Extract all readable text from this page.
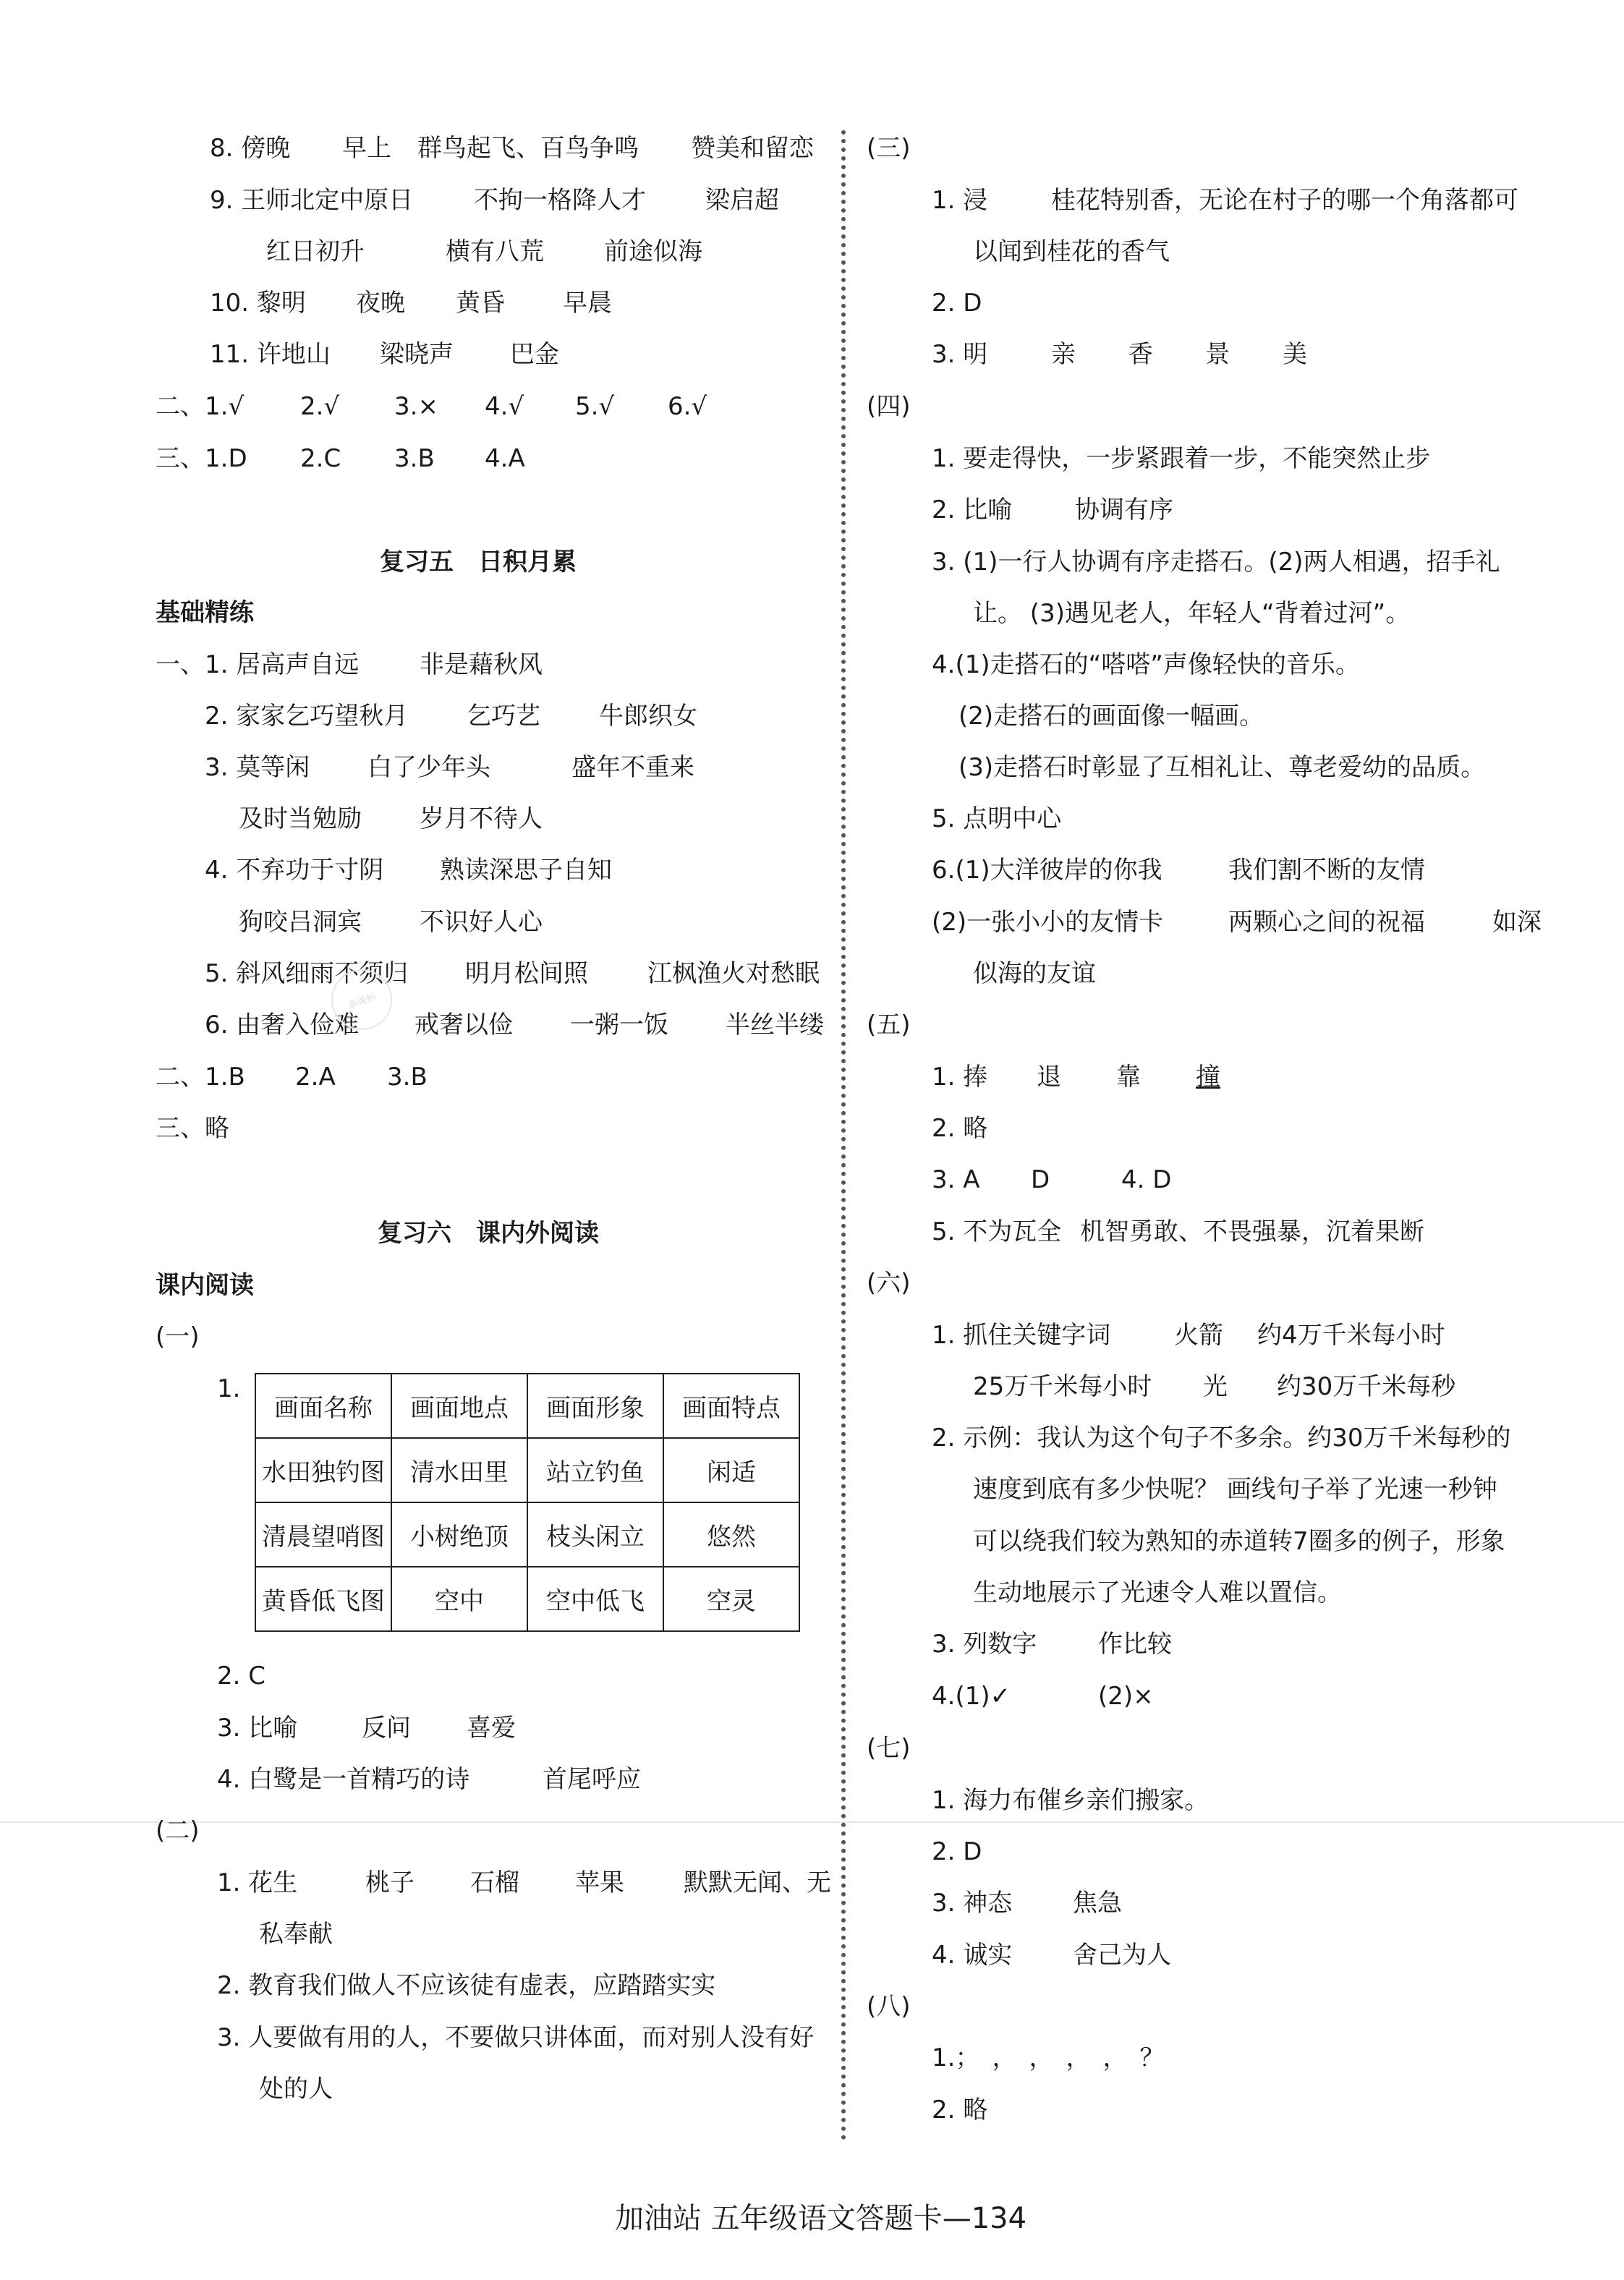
8. 傍晚 早上 群鸟起飞、百鸟争鸣 赞美和留恋
9. 王师北定中原日 不拘一格降人才 梁启超
红日初升	横有八荒 前途似海
10. 黎明 夜晚 黄昏 早晨
11. 许地山 梁晓声 巴金
二、1.√ 2.√ 3.× 4.√ 5.√ 6.√
三、1.D 2.C 3.B 4.A
复习五　日积月累
基础精练
一、1. 居高声自远 非是藉秋风
2. 家家乞巧望秋月 乞巧艺 牛郎织女
3. 莫等闲 白了少年头	盛年不重来
及时当勉励 岁月不待人
4. 不弃功于寸阴 熟读深思子自知
狗咬吕洞宾 不识好人心
5. 斜风细雨不须归 明月松间照 江枫渔火对愁眠
6. 由奢入俭难 戒奢以俭 一粥一饭 半丝半缕
新课标
二、1.B 2.A 3.B
三、略
复习六　课内外阅读
课内阅读
(一)
1.
画面名称	画面地点	画面形象	画面特点
水田独钓图	清水田里	站立钓鱼	闲适
清晨望哨图	小树绝顶	枝头闲立	悠然
黄昏低飞图	空中	空中低飞	空灵
2. C
3. 比喻	反问 喜爱
4. 白鹭是一首精巧的诗	首尾呼应
(二)
1. 花生	桃子 石榴 苹果 默默无闻、无
私奉献
2. 教育我们做人不应该徒有虚表，应踏踏实实
3. 人要做有用的人，不要做只讲体面，而对别人没有好
处的人
(三)
1. 浸	桂花特别香，无论在村子的哪一个角落都可
以闻到桂花的香气
2. D
3. 明	亲 香 景 美
(四)
1. 要走得快，一步紧跟着一步，不能突然止步
2. 比喻	协调有序
3. (1)一行人协调有序走搭石。(2)两人相遇，招手礼
让。 (3)遇见老人，年轻人“背着过河”。
4.(1)走搭石的“嗒嗒”声像轻快的音乐。
(2)走搭石的画面像一幅画。
(3)走搭石时彰显了互相礼让、尊老爱幼的品质。
5. 点明中心
6.(1)大洋彼岸的你我	我们割不断的友情
(2)一张小小的友情卡	两颗心之间的祝福	如深
似海的友谊
(五)
1. 捧 退 靠 撞
2. 略
3. A D	4. D
5. 不为瓦全 机智勇敢、不畏强暴，沉着果断
(六)
1. 抓住关键字词	火箭 约4万千米每小时
25万千米每小时 光 约30万千米每秒
2. 示例：我认为这个句子不多余。约30万千米每秒的
速度到底有多少快呢？ 画线句子举了光速一秒钟
可以绕我们较为熟知的赤道转7圈多的例子，形象
生动地展示了光速令人难以置信。
3. 列数字 作比较
4.(1)✓	(2)×
(七)
1. 海力布催乡亲们搬家。
2. D
3. 神态 焦急
4. 诚实 舍己为人
(八)
1.；　，　，　，　，　？
2. 略
加油站 五年级语文答题卡—134
